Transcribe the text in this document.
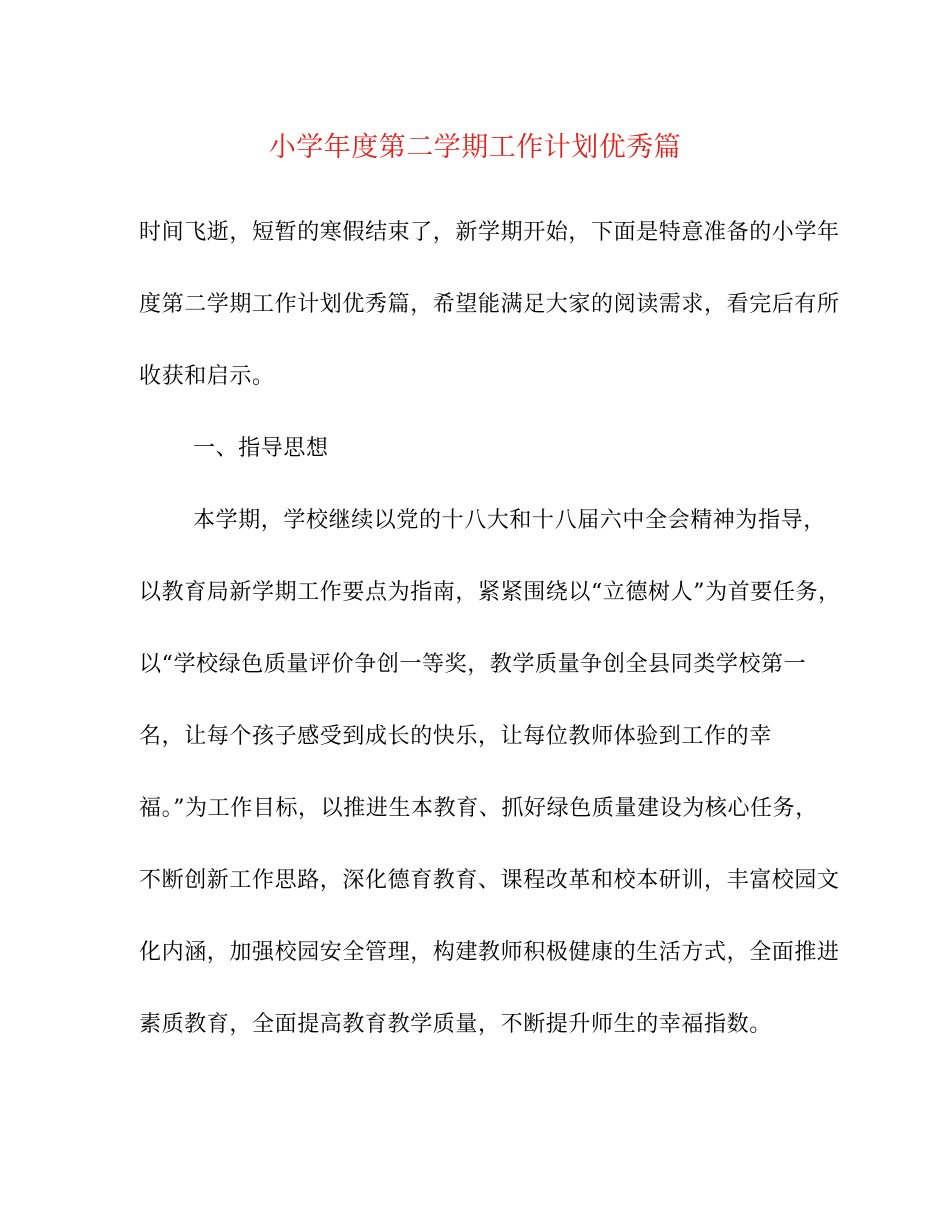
小学年度第二学期工作计划优秀篇
时间飞逝，短暂的寒假结束了，新学期开始，下面是特意准备的小学年
度第二学期工作计划优秀篇，希望能满足大家的阅读需求，看完后有所
收获和启示。
一、指导思想
本学期，学校继续以党的十八大和十八届六中全会精神为指导，
以教育局新学期工作要点为指南，紧紧围绕以“立德树人”为首要任务，
以“学校绿色质量评价争创一等奖，教学质量争创全县同类学校第一
名，让每个孩子感受到成长的快乐，让每位教师体验到工作的幸
福。”为工作目标，以推进生本教育、抓好绿色质量建设为核心任务，
不断创新工作思路，深化德育教育、课程改革和校本研训，丰富校园文
化内涵，加强校园安全管理，构建教师积极健康的生活方式，全面推进
素质教育，全面提高教育教学质量，不断提升师生的幸福指数。
